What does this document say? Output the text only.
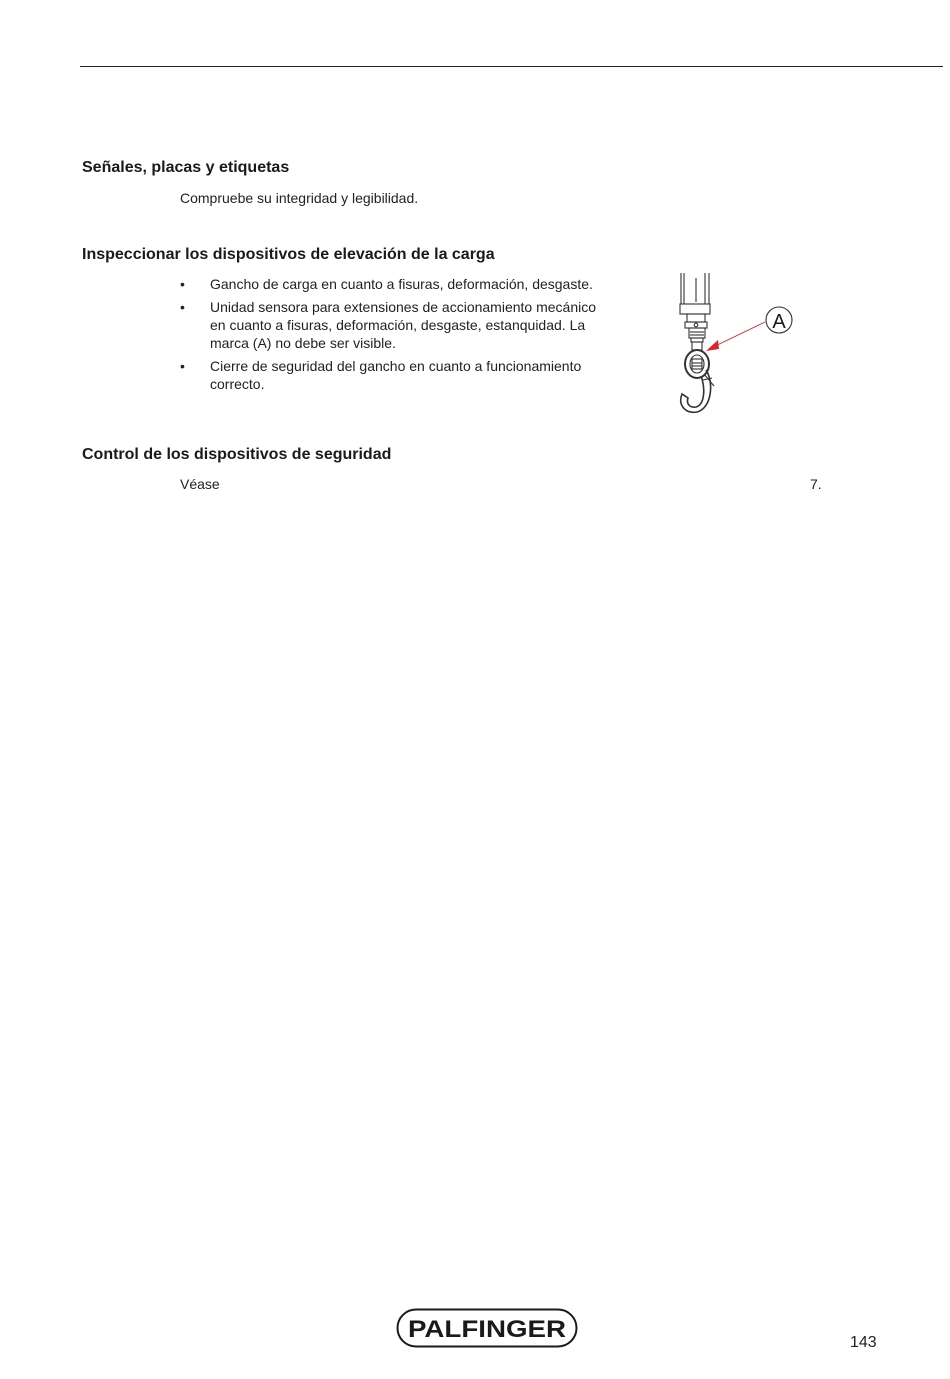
Señales, placas y etiquetas

Compruebe su integridad y legibilidad.

Inspeccionar los dispositivos de elevación de la carga
• Gancho de carga en cuanto a fisuras, deformación, desgaste.
• Unidad sensora para extensiones de accionamiento mecánico en cuanto a fisuras, deformación, desgaste, estanquidad. La marca (A) no debe ser visible.
• Cierre de seguridad del gancho en cuanto a funcionamiento correcto.
A
Control de los dispositivos de seguridad

Véase	7.

PALFINGER	143
